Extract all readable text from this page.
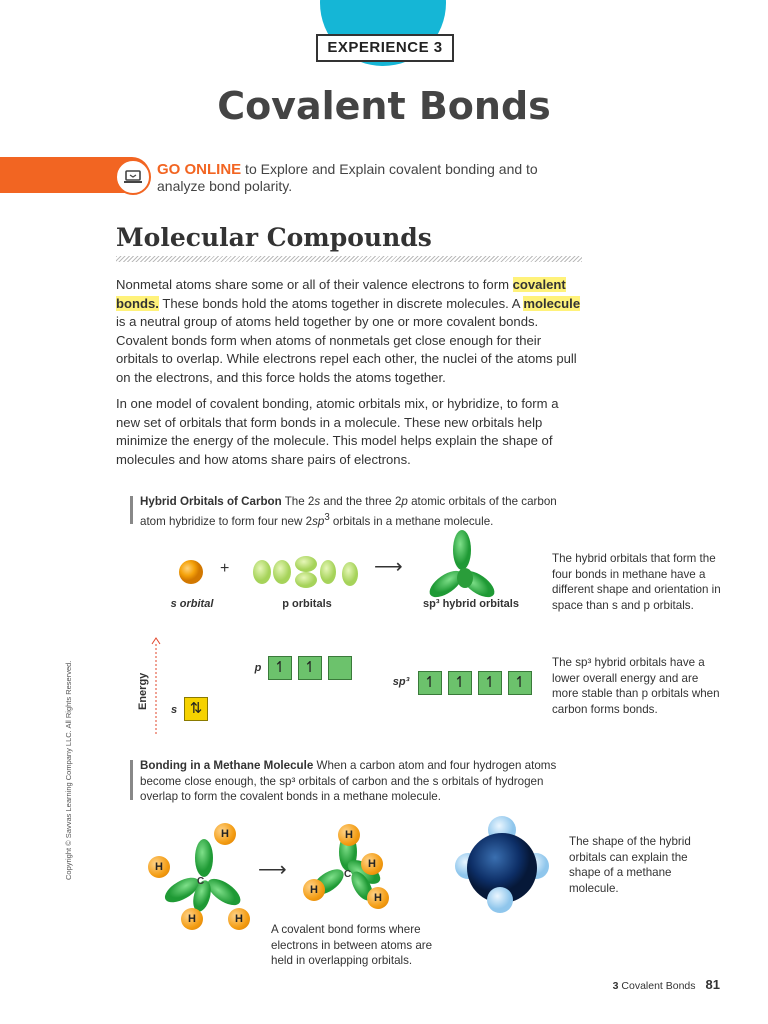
EXPERIENCE 3
Covalent Bonds
GO ONLINE to Explore and Explain covalent bonding and to analyze bond polarity.
Molecular Compounds

Nonmetal atoms share some or all of their valence electrons to form covalent bonds. These bonds hold the atoms together in discrete molecules. A molecule is a neutral group of atoms held together by one or more covalent bonds. Covalent bonds form when atoms of nonmetals get close enough for their orbitals to overlap. While electrons repel each other, the nuclei of the atoms pull on the electrons, and this force holds the atoms together.

In one model of covalent bonding, atomic orbitals mix, or hybridize, to form a new set of orbitals that form bonds in a molecule. These new orbitals help minimize the energy of the molecule. This model helps explain the shape of molecules and how atoms share pairs of electrons.

Hybrid Orbitals of Carbon The 2s and the three 2p atomic orbitals of the carbon atom hybridize to form four new $2sp^3$ orbitals in a methane molecule.
+	⟶
s orbital	p orbitals	sp³ hybrid orbitals
The hybrid orbitals that form the four bonds in methane have a different shape and orientation in space than s and p orbitals.
Energy
p ↿	↿
s ⇅
sp³ ↿	↿	↿	↿
The sp³ hybrid orbitals have a lower overall energy and are more stable than p orbitals when carbon forms bonds.
Bonding in a Methane Molecule When a carbon atom and four hydrogen atoms become close enough, the sp³ orbitals of carbon and the s orbitals of hydrogen overlap to form the covalent bonds in a methane molecule.
H
H
H	H
C
⟶
H
H
H
H
C
A covalent bond forms where electrons in between atoms are held in overlapping orbitals.
The shape of the hybrid orbitals can explain the shape of a methane molecule.
Copyright © Savvas Learning Company LLC. All Rights Reserved.
3 Covalent Bonds 81
